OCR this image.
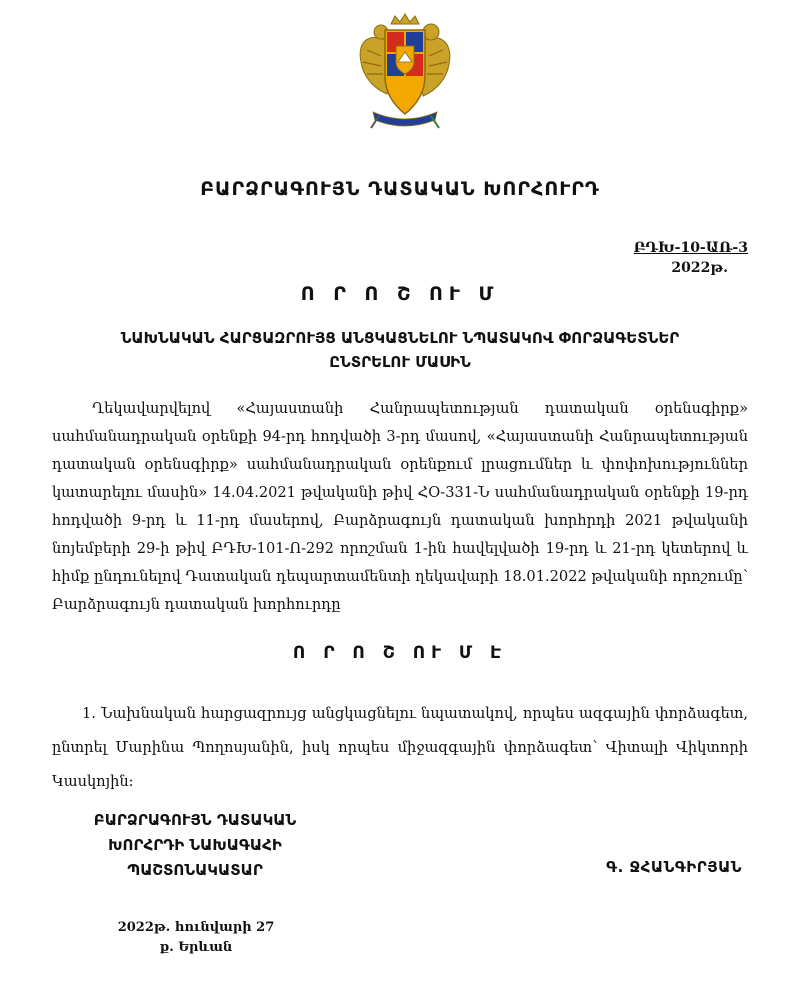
ԲԱՐՁՐԱԳՈՒՅՆ ԴԱՏԱԿԱՆ ԽՈՐՀՈՒՐԴ
ԲԴԽ-10-ԱՌ-3
2022թ.
Ո Ր Ո Շ ՈՒ Մ
ՆԱԽՆԱԿԱՆ ՀԱՐՑԱԶՐՈՒՅՑ ԱՆՑԿԱՑՆԵԼՈՒ ՆՊԱՏԱԿՈՎ ՓՈՐՁԱԳԵՏՆԵՐ
ԸՆՏՐԵԼՈՒ ՄԱՍԻՆ
Ղեկավարվելով «Հայաստանի Հանրապետության դատական օրենսգիրք» սահմանադրական օրենքի 94-րդ հոդվածի 3-րդ մասով, «Հայաստանի Հանրապետության դատական օրենսգիրք» սահմանադրական օրենքում լրացումներ և փոփոխություններ կատարելու մասին» 14.04.2021 թվականի թիվ ՀՕ-331-Ն սահմանադրական օրենքի 19-րդ հոդվածի 9-րդ և 11-րդ մասերով, Բարձրագույն դատական խորհրդի 2021 թվականի նոյեմբերի 29-ի թիվ ԲԴԽ-101-Ո-292 որոշման 1-ին հավելվածի 19-րդ և 21-րդ կետերով և հիմք ընդունելով Դատական դեպարտամենտի ղեկավարի 18.01.2022 թվականի որոշումը՝ Բարձրագույն դատական խորհուրդը
Ո Ր Ո Շ ՈՒ Մ Է
1. Նախնական հարցազրույց անցկացնելու նպատակով, որպես ազգային փորձագետ, ընտրել Մարինա Պողոսյանին, իսկ որպես միջազգային փորձագետ՝ Վիտալի Վիկտորի Կասկոյին:
ԲԱՐՁՐԱԳՈՒՅՆ ԴԱՏԱԿԱՆ
ԽՈՐՀՐԴԻ ՆԱԽԱԳԱՀԻ
ՊԱՇՏՈՆԱԿԱՏԱՐ	Գ. ՋՀԱՆԳԻՐՅԱՆ
2022թ. հունվարի 27
ք. Երևան
